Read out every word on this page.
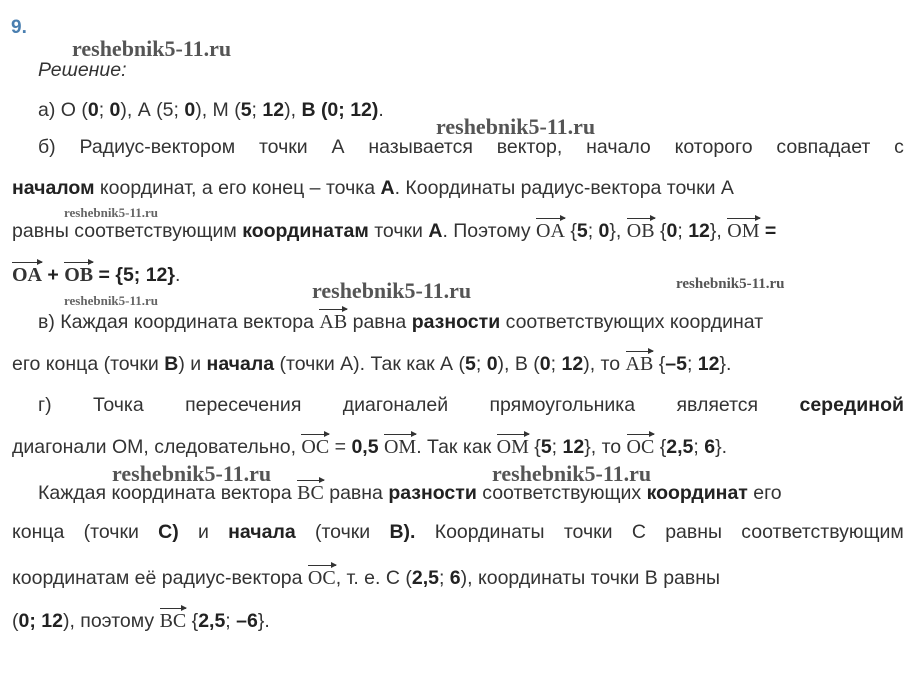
9.
reshebnik5-11.ru
reshebnik5-11.ru
reshebnik5-11.ru
reshebnik5-11.ru	reshebnik5-11.ru
reshebnik5-11.ru
reshebnik5-11.ru	reshebnik5-11.ru
Решение:
а) О (0; 0), А (5; 0), М (5; 12), В (0; 12).
б) Радиус-вектором точки А называется вектор, начало которого совпадает с
началом координат, а его конец – точка А. Координаты радиус-вектора точки А
равны соответствующим координатам точки А. Поэтому OA {5; 0}, OB {0; 12}, OM =
OA + OB = {5; 12}.
в) Каждая координата вектора AB равна разности соответствующих координат
его конца (точки В) и начала (точки А). Так как А (5; 0), В (0; 12), то AB {–5; 12}.
г) Точка пересечения диагоналей прямоугольника является серединой
диагонали ОМ, следовательно, OC = 0,5 OM. Так как OM {5; 12}, то OC {2,5; 6}.
Каждая координата вектора BC равна разности соответствующих координат его
конца (точки С) и начала (точки В). Координаты точки С равны соответствующим
координатам её радиус-вектора OC, т. е. С (2,5; 6), координаты точки В равны
(0; 12), поэтому BC {2,5; –6}.
